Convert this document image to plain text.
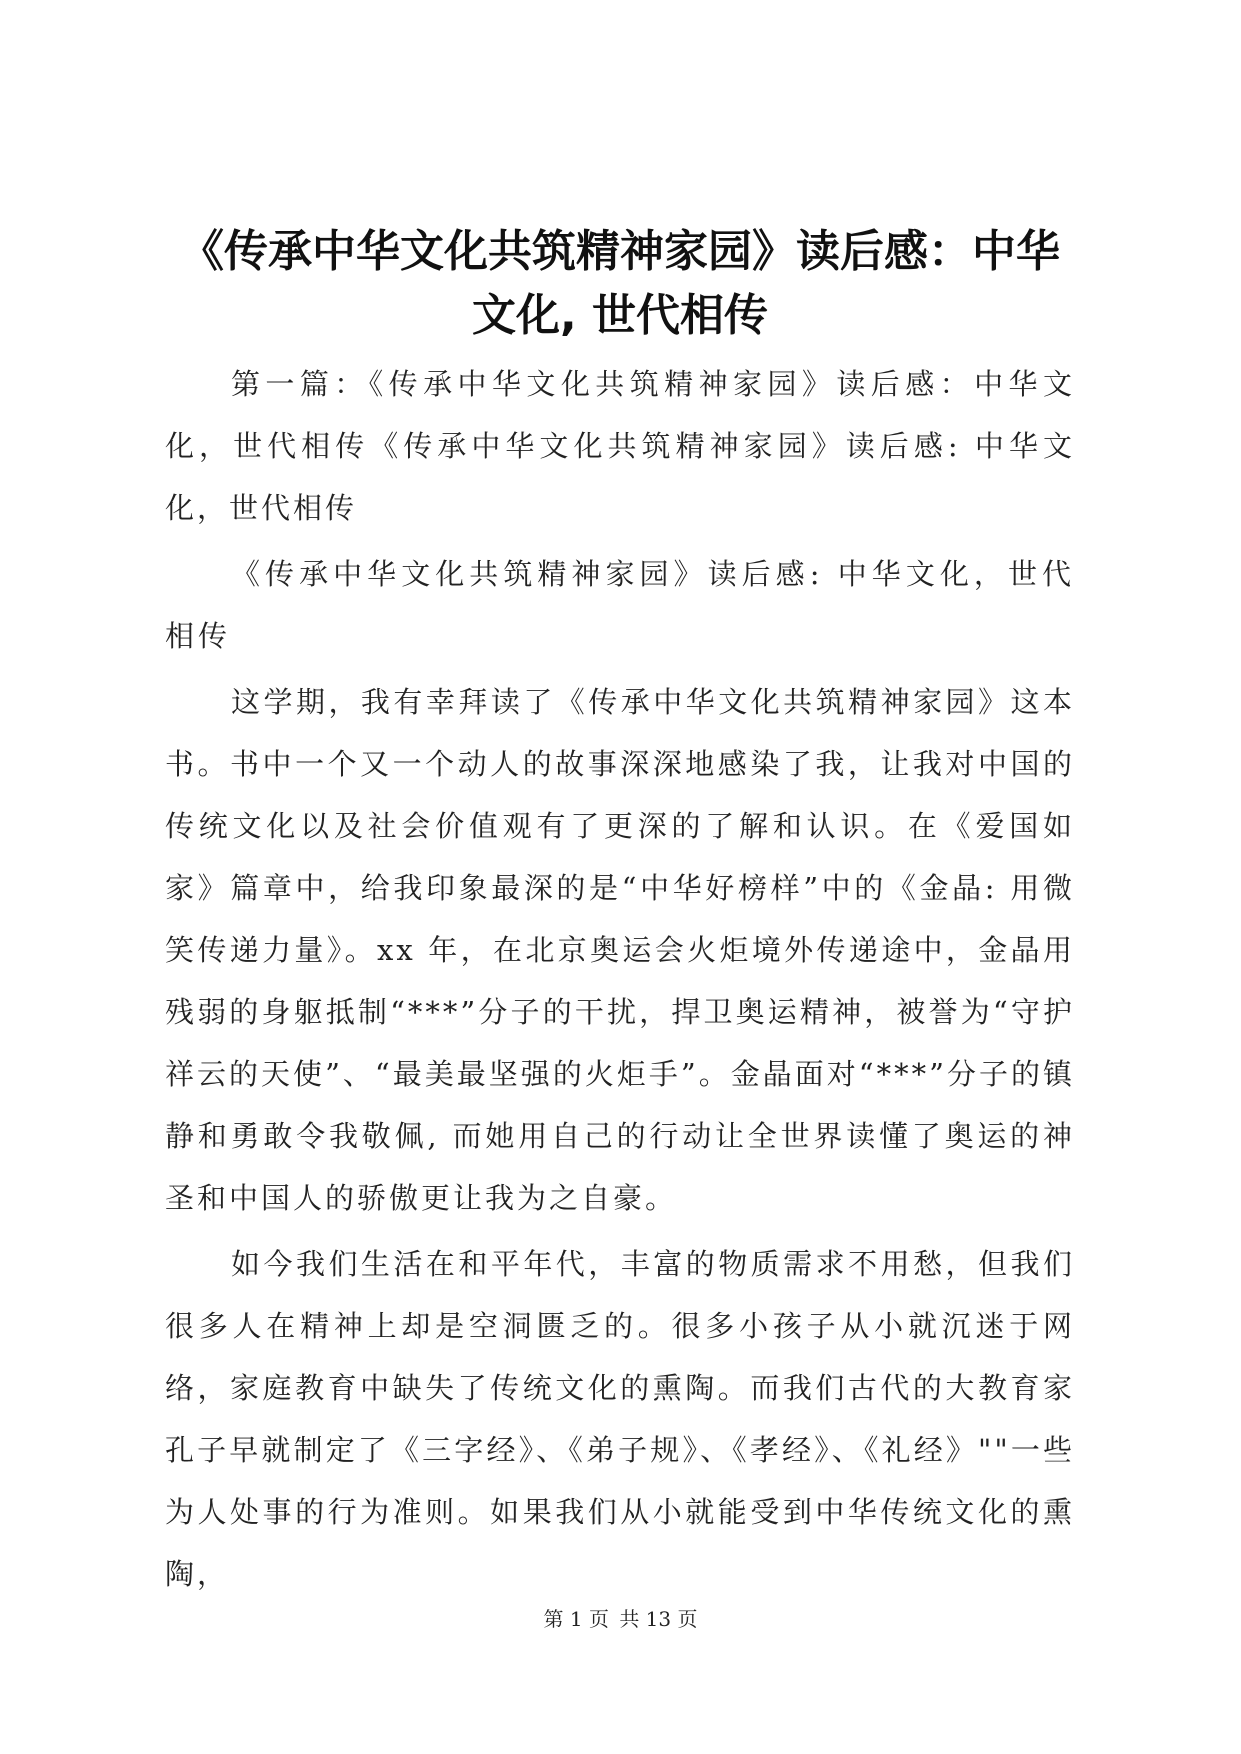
《传承中华文化共筑精神家园》读后感：中华
文化, 世代相传

第一篇：《传承中华文化共筑精神家园》读后感：中华文化，世代相传《传承中华文化共筑精神家园》读后感: 中华文化，世代相传

《传承中华文化共筑精神家园》读后感: 中华文化，世代相传

这学期，我有幸拜读了《传承中华文化共筑精神家园》这本书。书中一个又一个动人的故事深深地感染了我，让我对中国的传统文化以及社会价值观有了更深的了解和认识。在《爱国如家》篇章中，给我印象最深的是“中华好榜样”中的《金晶: 用微笑传递力量》。xx 年，在北京奥运会火炬境外传递途中，金晶用残弱的身躯抵制“***”分子的干扰，捍卫奥运精神，被誉为“守护祥云的天使”、“最美最坚强的火炬手”。金晶面对“***”分子的镇静和勇敢令我敬佩, 而她用自己的行动让全世界读懂了奥运的神圣和中国人的骄傲更让我为之自豪。

如今我们生活在和平年代，丰富的物质需求不用愁，但我们很多人在精神上却是空洞匮乏的。很多小孩子从小就沉迷于网络，家庭教育中缺失了传统文化的熏陶。而我们古代的大教育家孔子早就制定了《三字经》、《弟子规》、《孝经》、《礼经》""一些为人处事的行为准则。如果我们从小就能受到中华传统文化的熏陶，

第 1 页 共 13 页
